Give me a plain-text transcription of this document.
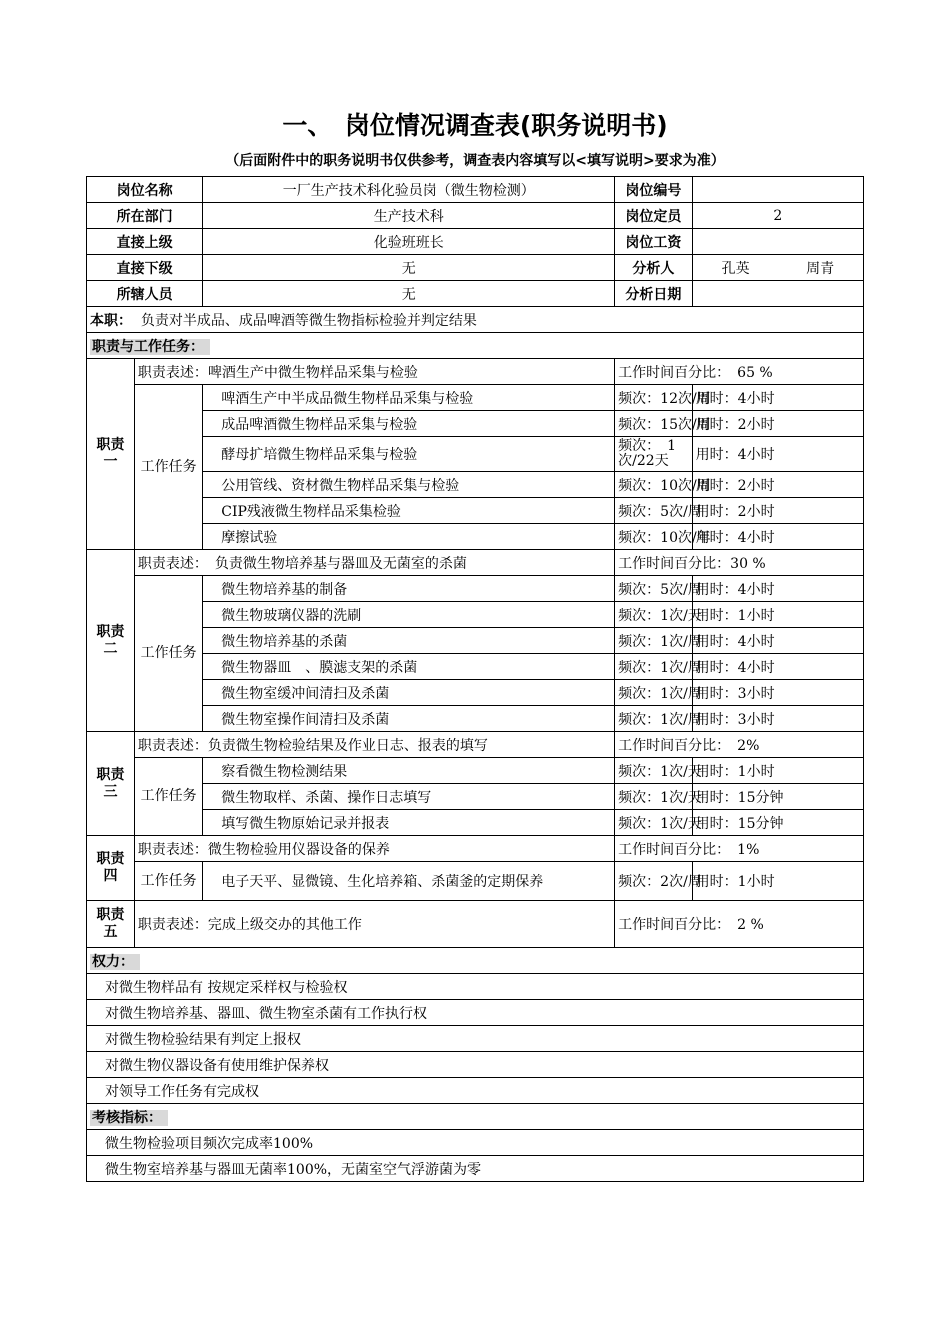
一、　岗位情况调查表(职务说明书)
（后面附件中的职务说明书仅供参考，调查表内容填写以<填写说明>要求为准）
岗位名称		一厂生产技术科化验员岗（微生物检测）	岗位编号	
所在部门		生产技术科	岗位定员	2
直接上级		化验班班长	岗位工资	
直接下级		无	分析人	孔英 周青
所辖人员		无	分析日期	
本职： 负责对半成品、成品啤酒等微生物指标检验并判定结果				
职责与工作任务：				
职责一	职责表述：啤酒生产中微生物样品采集与检验		工作时间百分比：　65 %	
	工作任务	啤酒生产中半成品微生物样品采集与检验	频次：12次/周	用时：4小时
		成品啤酒微生物样品采集与检验	频次：15次/周	用时：2小时
		酵母扩培微生物样品采集与检验	频次：　1 次/22天	用时：4小时
		公用管线、资材微生物样品采集与检验	频次：10次/周	用时：2小时
		CIP残液微生物样品采集检验	频次：5次/周	用时：2小时
		摩擦试验	频次：10次/年	用时：4小时
职责二	职责表述：　负责微生物培养基与器皿及无菌室的杀菌		工作时间百分比：30 %	
	工作任务	微生物培养基的制备	频次：5次/周	用时：4小时
		微生物玻璃仪器的洗刷	频次：1次/天	用时：1小时
		微生物培养基的杀菌	频次：1次/周	用时：4小时
		微生物器皿　、膜滤支架的杀菌	频次：1次/周	用时：4小时
		微生物室缓冲间清扫及杀菌	频次：1次/周	用时：3小时
		微生物室操作间清扫及杀菌	频次：1次/周	用时：3小时
职责三	职责表述：负责微生物检验结果及作业日志、报表的填写		工作时间百分比：　2%	
	工作任务	察看微生物检测结果	频次：1次/天	用时：1小时
		微生物取样、杀菌、操作日志填写	频次：1次/天	用时：15分钟
		填写微生物原始记录并报表	频次：1次/天	用时：15分钟
职责四	职责表述：微生物检验用仪器设备的保养		工作时间百分比：　1%	
	工作任务	电子天平、显微镜、生化培养箱、杀菌釜的定期保养	频次：2次/周	用时：1小时
职责五	职责表述：完成上级交办的其他工作		工作时间百分比：　2 %	
权力：				
对微生物样品有 按规定采样权与检验权				
对微生物培养基、器皿、微生物室杀菌有工作执行权				
对微生物检验结果有判定上报权				
对微生物仪器设备有使用维护保养权				
对领导工作任务有完成权				
考核指标：				
微生物检验项目频次完成率100%				
微生物室培养基与器皿无菌率100%，无菌室空气浮游菌为零				
